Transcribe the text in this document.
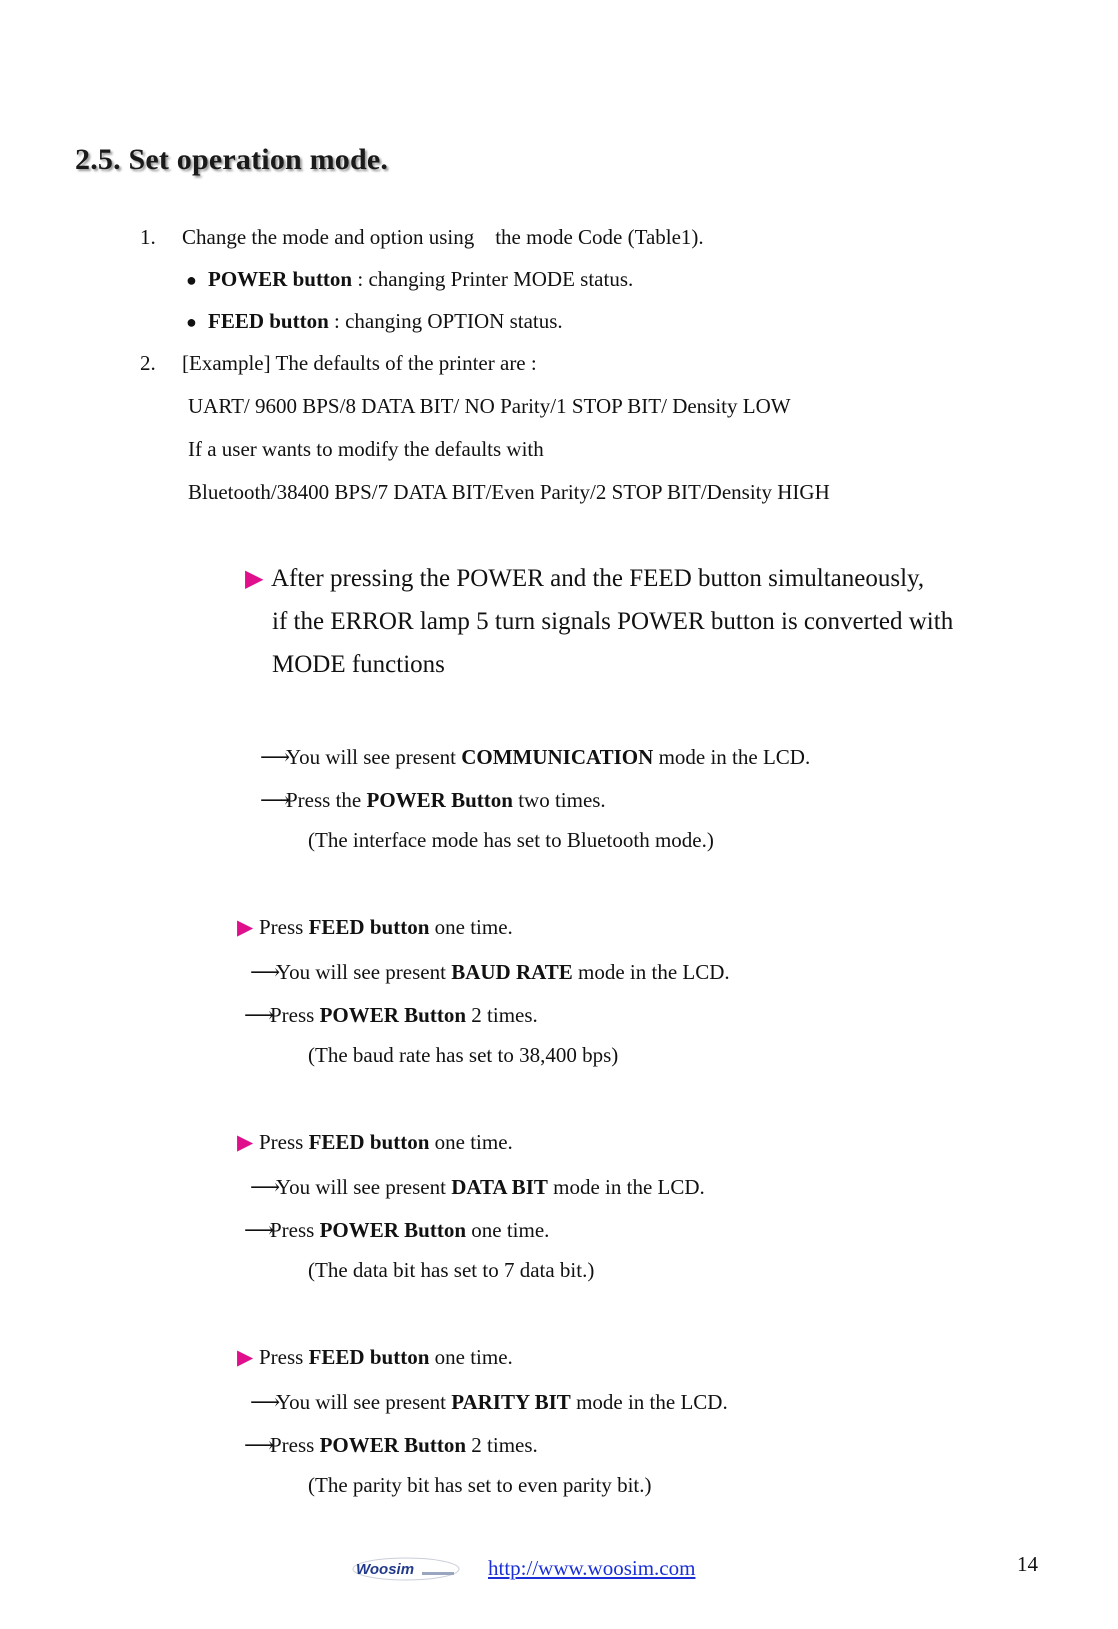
2.5. Set operation mode.
1. Change the mode and option using    the mode Code (Table1).
● POWER button : changing Printer MODE status.
● FEED button : changing OPTION status.
2. [Example] The defaults of the printer are :
UART/ 9600 BPS/8 DATA BIT/ NO Parity/1 STOP BIT/ Density LOW
If a user wants to modify the defaults with
Bluetooth/38400 BPS/7 DATA BIT/Even Parity/2 STOP BIT/Density HIGH
▶ After pressing the POWER and the FEED button simultaneously,
if the ERROR lamp 5 turn signals POWER button is converted with
MODE functions
⟶You will see present COMMUNICATION mode in the LCD.
⟶Press the POWER Button two times.
(The interface mode has set to Bluetooth mode.)
▶ Press FEED button one time.
⟶You will see present BAUD RATE mode in the LCD.
⟶Press POWER Button 2 times.
(The baud rate has set to 38,400 bps)
▶ Press FEED button one time.
⟶You will see present DATA BIT mode in the LCD.
⟶Press POWER Button one time.
(The data bit has set to 7 data bit.)
▶ Press FEED button one time.
⟶You will see present PARITY BIT mode in the LCD.
⟶Press POWER Button 2 times.
(The parity bit has set to even parity bit.)
Woosim	http://www.woosim.com	14
